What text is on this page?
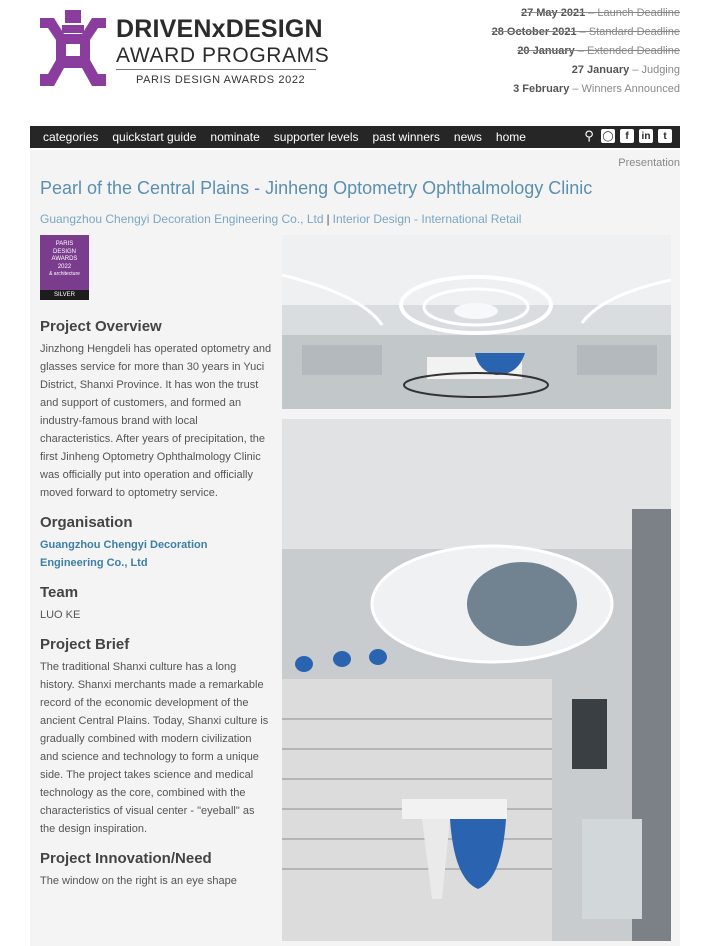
DRIVENxDESIGN
AWARD PROGRAMS
PARIS DESIGN AWARDS 2022
27 May 2021 – Launch Deadline
28 October 2021 – Standard Deadline
20 January – Extended Deadline
27 January – Judging
3 February – Winners Announced
Presentation
categories quickstart guide nominate supporter levels past winners news home	⚲ ◯	f	in	t
Pearl of the Central Plains - Jinheng Optometry Ophthalmology Clinic
Guangzhou Chengyi Decoration Engineering Co., Ltd | Interior Design - International Retail
PARIS
DESIGN
AWARDS
2022
& architecture
SILVER
Project Overview

Jinzhong Hengdeli has operated optometry and glasses service for more than 30 years in Yuci District, Shanxi Province. It has won the trust and support of customers, and formed an industry-famous brand with local characteristics. After years of precipitation, the first Jinheng Optometry Ophthalmology Clinic was officially put into operation and officially moved forward to optometry service.

Organisation

Guangzhou Chengyi Decoration Engineering Co., Ltd

Team

LUO KE

Project Brief

The traditional Shanxi culture has a long history. Shanxi merchants made a remarkable record of the economic development of the ancient Central Plains. Today, Shanxi culture is gradually combined with modern civilization and science and technology to form a unique side. The project takes science and medical technology as the core, combined with the characteristics of visual center - "eyeball" as the design inspiration.

Project Innovation/Need

The window on the right is an eye shape
